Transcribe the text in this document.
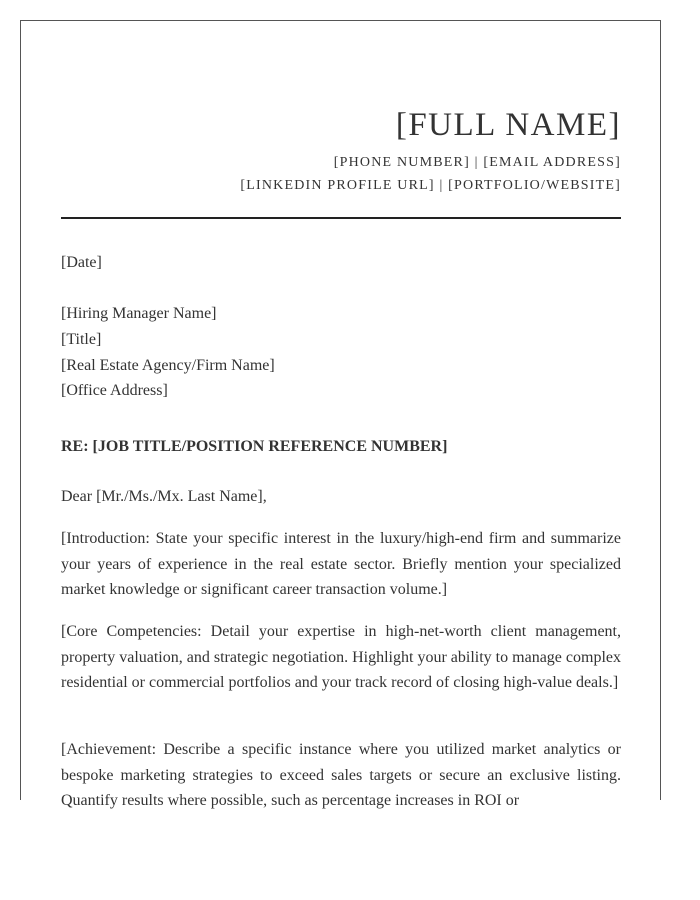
[FULL NAME]
[PHONE NUMBER] | [EMAIL ADDRESS]
[LINKEDIN PROFILE URL] | [PORTFOLIO/WEBSITE]
[Date]
[Hiring Manager Name]
[Title]
[Real Estate Agency/Firm Name]
[Office Address]
RE: [JOB TITLE/POSITION REFERENCE NUMBER]
Dear [Mr./Ms./Mx. Last Name],
[Introduction: State your specific interest in the luxury/high-end firm and summarize your years of experience in the real estate sector. Briefly mention your specialized market knowledge or significant career transaction volume.]
[Core Competencies: Detail your expertise in high-net-worth client management, property valuation, and strategic negotiation. Highlight your ability to manage complex residential or commercial portfolios and your track record of closing high-value deals.]
[Achievement: Describe a specific instance where you utilized market analytics or bespoke marketing strategies to exceed sales targets or secure an exclusive listing. Quantify results where possible, such as percentage increases in ROI or
